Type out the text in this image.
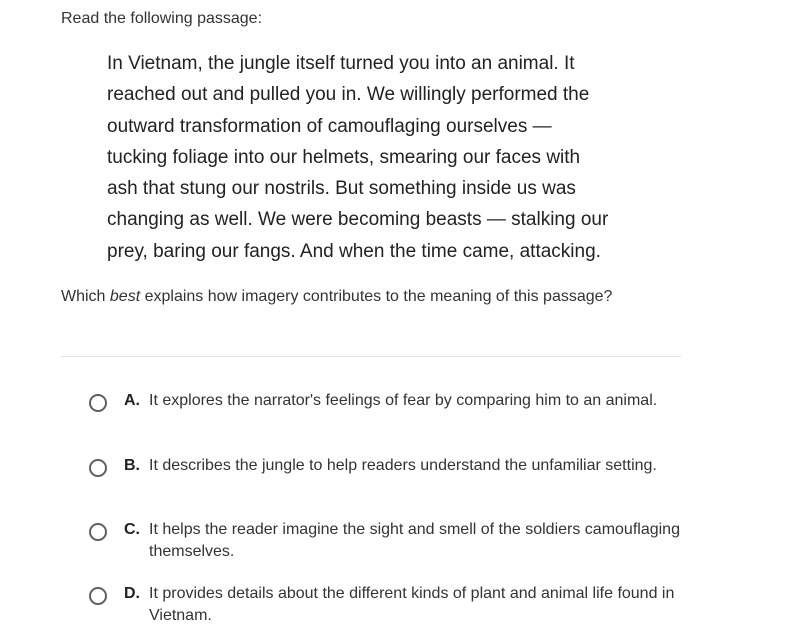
Read the following passage:
In Vietnam, the jungle itself turned you into an animal. It
reached out and pulled you in. We willingly performed the
outward transformation of camouflaging ourselves —
tucking foliage into our helmets, smearing our faces with
ash that stung our nostrils. But something inside us was
changing as well. We were becoming beasts — stalking our
prey, baring our fangs. And when the time came, attacking.
Which best explains how imagery contributes to the meaning of this passage?
A. It explores the narrator's feelings of fear by comparing him to an animal.
B. It describes the jungle to help readers understand the unfamiliar setting.
C. It helps the reader imagine the sight and smell of the soldiers camouflaging themselves.
D. It provides details about the different kinds of plant and animal life found in Vietnam.
